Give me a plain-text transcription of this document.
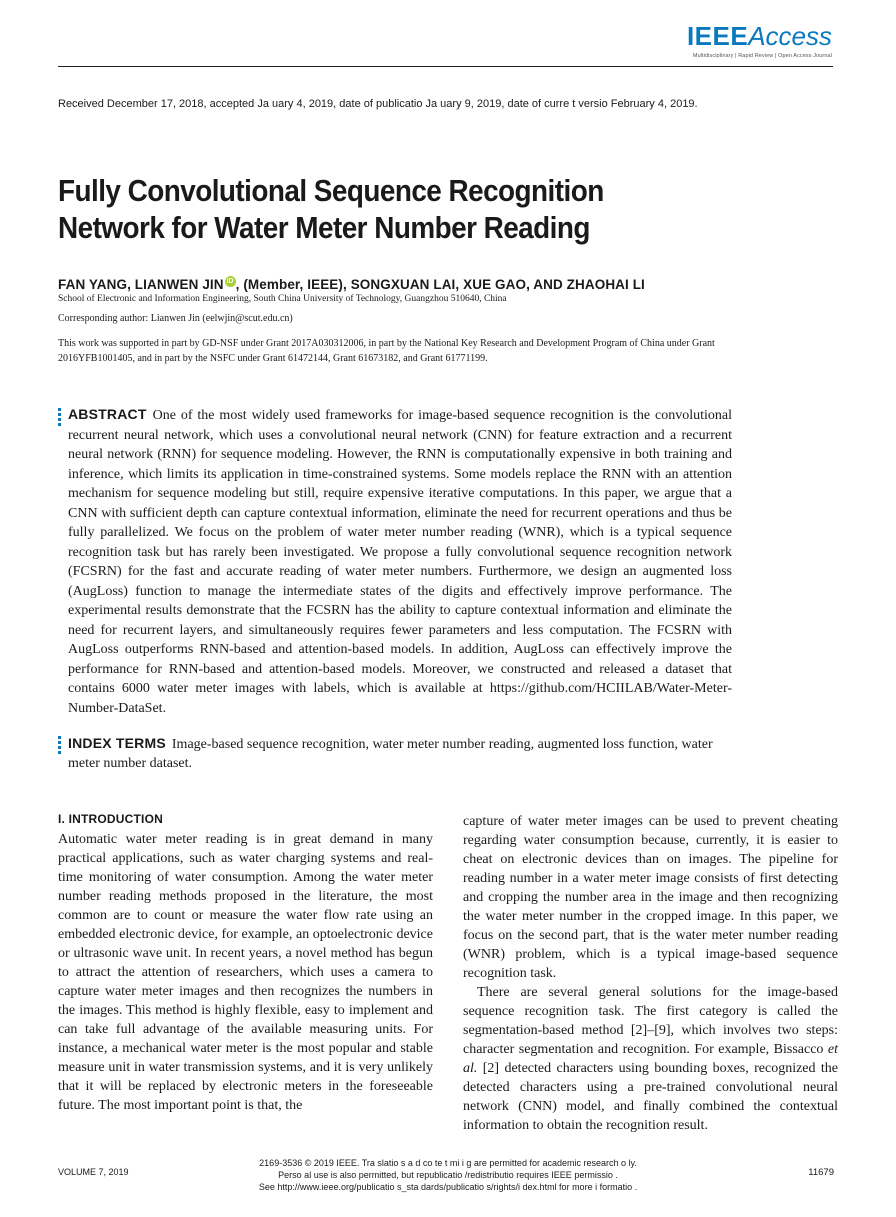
IEEEAccess
Multidisciplinary | Rapid Review | Open Access Journal
Received December 17, 2018, accepted Ja uary 4, 2019, date of publicatio Ja uary 9, 2019, date of curre t versio February 4, 2019.
Fully Convolutional Sequence Recognition
Network for Water Meter Number Reading
FAN YANG, LIANWEN JIN iD , (Member, IEEE), SONGXUAN LAI, XUE GAO, AND ZHAOHAI LI
School of Electronic and Information Engineering, South China University of Technology, Guangzhou 510640, China
Corresponding author: Lianwen Jin (eelwjin@scut.edu.cn)
This work was supported in part by GD-NSF under Grant 2017A030312006, in part by the National Key Research and Development Program of China under Grant 2016YFB1001405, and in part by the NSFC under Grant 61472144, Grant 61673182, and Grant 61771199.
ABSTRACT One of the most widely used frameworks for image-based sequence recognition is the convolutional recurrent neural network, which uses a convolutional neural network (CNN) for feature extraction and a recurrent neural network (RNN) for sequence modeling. However, the RNN is computationally expensive in both training and inference, which limits its application in time-constrained systems. Some models replace the RNN with an attention mechanism for sequence modeling but still, require expensive iterative computations. In this paper, we argue that a CNN with sufficient depth can capture contextual information, eliminate the need for recurrent operations and thus be fully parallelized. We focus on the problem of water meter number reading (WNR), which is a typical sequence recognition task but has rarely been investigated. We propose a fully convolutional sequence recognition network (FCSRN) for the fast and accurate reading of water meter numbers. Furthermore, we design an augmented loss (AugLoss) function to manage the intermediate states of the digits and effectively improve performance. The experimental results demonstrate that the FCSRN has the ability to capture contextual information and eliminate the need for recurrent layers, and simultaneously requires fewer parameters and less computation. The FCSRN with AugLoss outperforms RNN-based and attention-based models. In addition, AugLoss can effectively improve the performance for RNN-based and attention-based models. Moreover, we constructed and released a dataset that contains 6000 water meter images with labels, which is available at https://github.com/HCIILAB/Water-Meter-Number-DataSet.
INDEX TERMS Image-based sequence recognition, water meter number reading, augmented loss function, water meter number dataset.
I. INTRODUCTION

Automatic water meter reading is in great demand in many practical applications, such as water charging systems and real-time monitoring of water consumption. Among the water meter number reading methods proposed in the literature, the most common are to count or measure the water flow rate using an embedded electronic device, for example, an optoelectronic device or ultrasonic wave unit. In recent years, a novel method has begun to attract the attention of researchers, which uses a camera to capture water meter images and then recognizes the numbers in the images. This method is highly flexible, easy to implement and can take full advantage of the available measuring units. For instance, a mechanical water meter is the most popular and stable measure unit in water transmission systems, and it is very unlikely that it will be replaced by electronic meters in the foreseeable future. The most important point is that, the

capture of water meter images can be used to prevent cheating regarding water consumption because, currently, it is easier to cheat on electronic devices than on images. The pipeline for reading number in a water meter image consists of first detecting and cropping the number area in the image and then recognizing the water meter number in the cropped image. In this paper, we focus on the second part, that is the water meter number reading (WNR) problem, which is a typical image-based sequence recognition task.

There are several general solutions for the image-based sequence recognition task. The first category is called the segmentation-based method [2]–[9], which involves two steps: character segmentation and recognition. For example, Bissacco et al. [2] detected characters using bounding boxes, recognized the detected characters using a pre-trained convolutional neural network (CNN) model, and finally combined the contextual information to obtain the recognition result.

VOLUME 7, 2019
2169-3536 © 2019 IEEE. Tra slatio s a d co te t mi i g are permitted for academic research o ly.
Perso al use is also permitted, but republicatio /redistributio requires IEEE permissio .
See http://www.ieee.org/publicatio s_sta dards/publicatio s/rights/i dex.html for more i formatio .
11679
